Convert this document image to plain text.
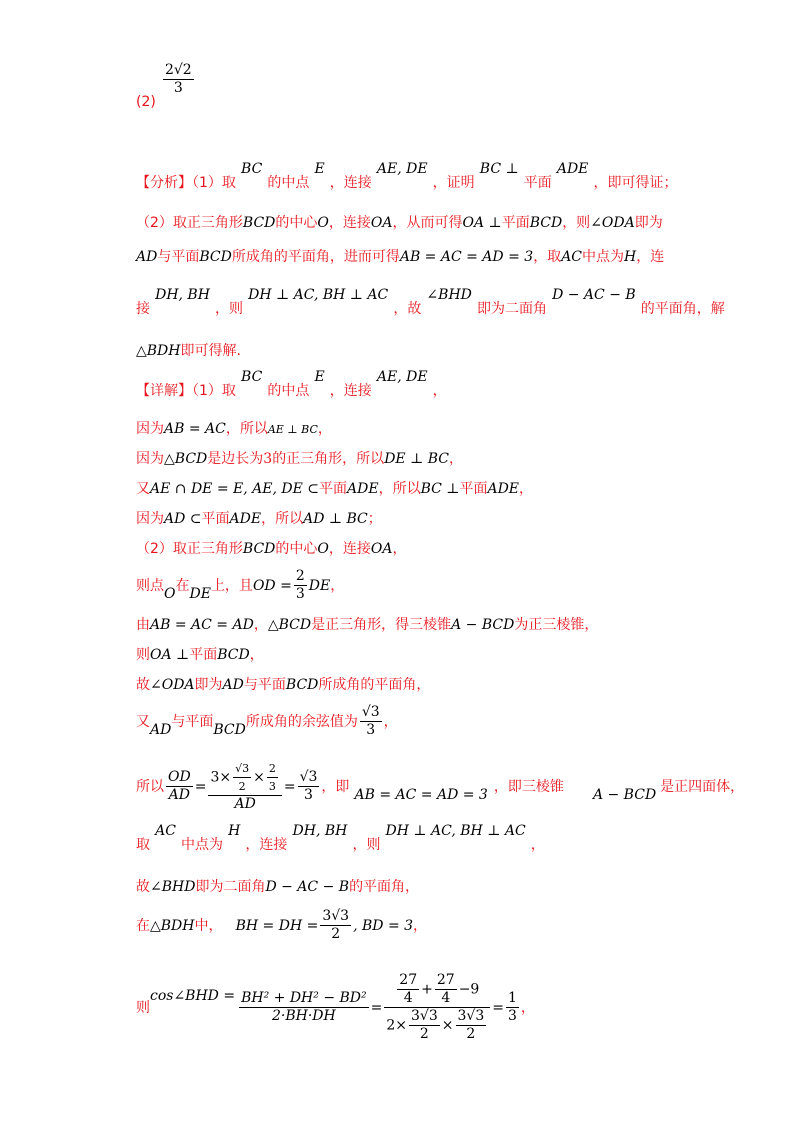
(2)
$\frac{2√2}{3}$
【分析】（1）取 BC 的中点 E ，连接 AE, DE ，证明 BC ⊥ 平面 ADE ，即可得证；
（2）取正三角形BCD的中心O，连接OA，从而可得OA ⊥平面BCD，则∠ODA即为
AD与平面BCD所成角的平面角，进而可得AB = AC = AD = 3，取AC中点为H，连
接 DH, BH ，则 DH ⊥ AC, BH ⊥ AC ，故 ∠BHD 即为二面角 D − AC − B 的平面角，解
△BDH即可得解.
【详解】（1）取 BC 的中点 E ，连接 AE, DE ，
因为AB = AC，所以AE ⊥ BC，
因为△BCD是边长为3的正三角形，所以DE ⊥ BC，
又AE ∩ DE = E, AE, DE ⊂平面ADE，所以BC ⊥平面ADE，
因为AD ⊂平面ADE，所以AD ⊥ BC；
（2）取正三角形BCD的中心O，连接OA，
则点O在DE上，且OD = $\frac{2}{3}$ DE，
由AB = AC = AD，△BCD是正三角形，得三棱锥A − BCD为正三棱锥，
则OA ⊥平面BCD，
故∠ODA即为AD与平面BCD所成角的平面角，
又AD与平面BCD所成角的余弦值为 $\frac{√3}{3}$ ，
所以 $\frac{OD}{AD} = \frac{3\times \frac{√3}{2} \times \frac{2}{3}}{AD} = \frac{√3}{3}$ ，即 AB = AC = AD = 3 ，即三棱锥 A − BCD 是正四面体，
取 AC 中点为 H ，连接 DH, BH ，则 DH ⊥ AC, BH ⊥ AC ，
故∠BHD即为二面角D − AC − B的平面角，
在△BDH中， BH = DH = $\frac{3√3}{2}$ , BD = 3，
则cos∠BHD = $\frac{\text{BH² + DH² − BD²}}{2\cdot BH\cdot DH} = \frac{\frac{27}{4} + \frac{27}{4} -9}{2\times \frac{3√3}{2} \times \frac{3√3}{2}} = \frac{1}{3}$ ，
